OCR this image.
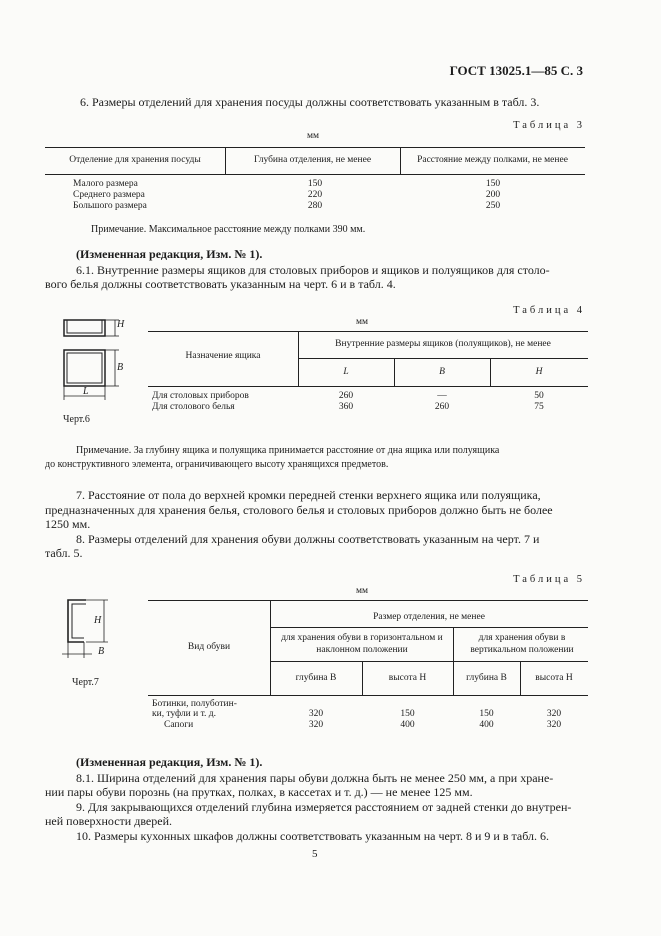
ГОСТ 13025.1—85 С. 3
6. Размеры отделений для хранения посуды должны соответствовать указанным в табл. 3.
Таблица 3
мм
Отделение для хранения посуды	Глубина отделения, не менее	Расстояние между полками, не менее
Малого размера	150	150
Среднего размера	220	200
Большого размера	280	250
Примечание. Максимальное расстояние между полками 390 мм.
(Измененная редакция, Изм. № 1).
6.1. Внутренние размеры ящиков для столовых приборов и ящиков и полуящиков для столо-
вого белья должны соответствовать указанным на черт. 6 и в табл. 4.
H
B
L
Черт.6
Таблица 4
мм
Назначение ящика
Внутренние размеры ящиков (полуящиков), не менее
L	B	H
Для столовых приборов	260	—	50
Для столового белья	360	260	75
Примечание. За глубину ящика и полуящика принимается расстояние от дна ящика или полуящика
до конструктивного элемента, ограничивающего высоту хранящихся предметов.
7. Расстояние от пола до верхней кромки передней стенки верхнего ящика или полуящика,
предназначенных для хранения белья, столового белья и столовых приборов должно быть не более
1250 мм.
8. Размеры отделений для хранения обуви должны соответствовать указанным на черт. 7 и
табл. 5.
H
B
Черт.7
Таблица 5
мм
Вид обуви
Размер отделения, не менее
для хранения обуви в горизонтальном и наклонном положении
для хранения обуви в вертикальном положении
глубина B	высота H	глубина B	высота H
Ботинки, полуботин-
ки, туфли и т. д.	320	150	150	320
Сапоги	320	400	400	320
(Измененная редакция, Изм. № 1).
8.1. Ширина отделений для хранения пары обуви должна быть не менее 250 мм, а при хране-
нии пары обуви порознь (на прутках, полках, в кассетах и т. д.) — не менее 125 мм.
9. Для закрывающихся отделений глубина измеряется расстоянием от задней стенки до внутрен-
ней поверхности дверей.
10. Размеры кухонных шкафов должны соответствовать указанным на черт. 8 и 9 и в табл. 6.
5
